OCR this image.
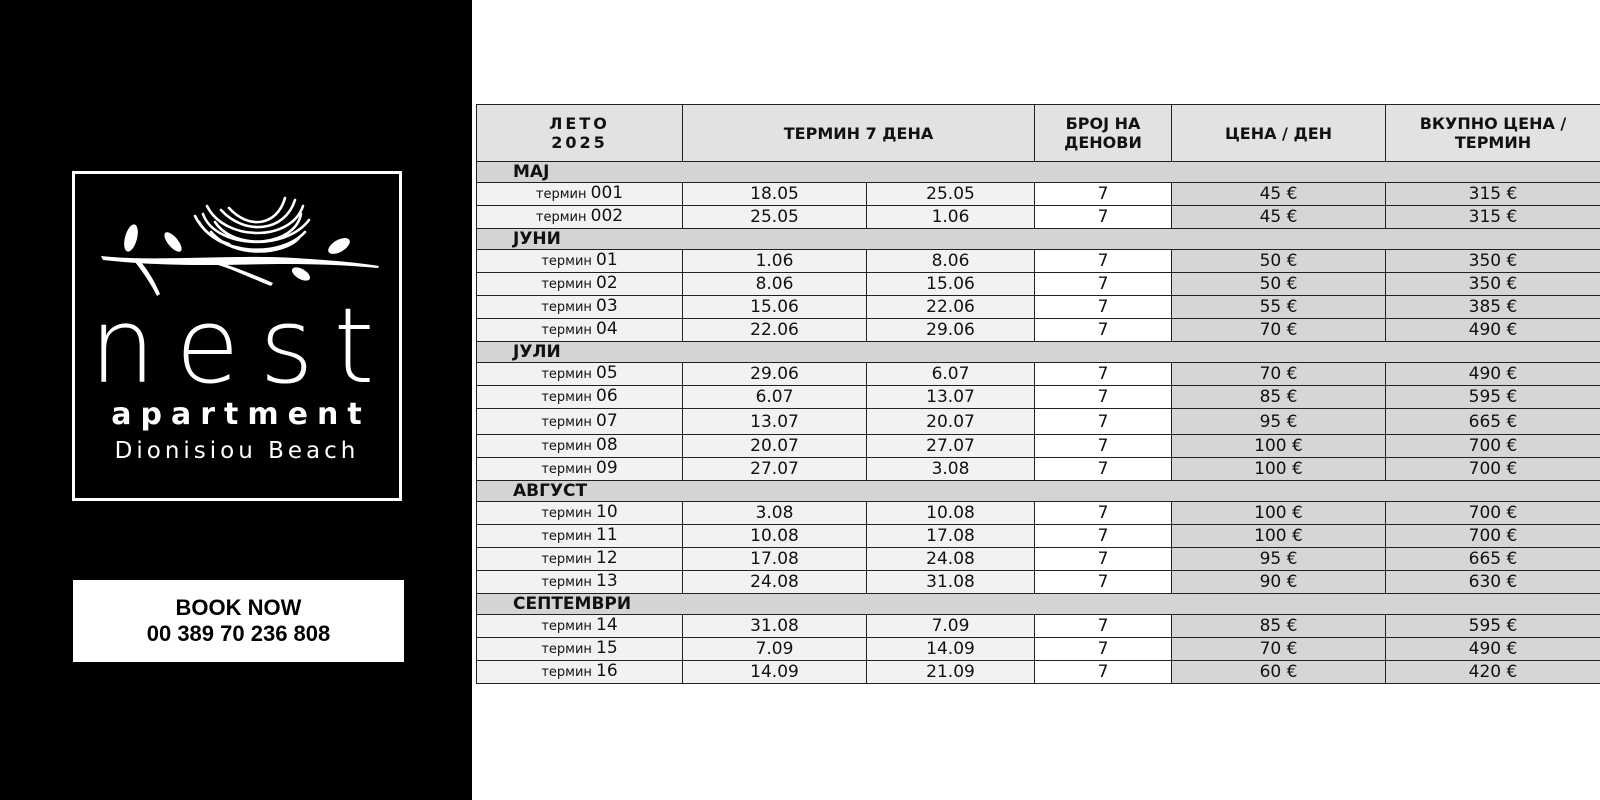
nest
apartment
Dionisiou Beach
BOOK NOW
00 389 70 236 808
ЛЕТО
2025	ТЕРМИН 7 ДЕНА		БРОЈ НА ДЕНОВИ	ЦЕНА / ДЕН	ВКУПНО ЦЕНА /ТЕРМИН
МАЈ					
термин 001	18.05	25.05	7	45 €	315 €
термин 002	25.05	1.06	7	45 €	315 €
ЈУНИ					
термин 01	1.06	8.06	7	50 €	350 €
термин 02	8.06	15.06	7	50 €	350 €
термин 03	15.06	22.06	7	55 €	385 €
термин 04	22.06	29.06	7	70 €	490 €
ЈУЛИ					
термин 05	29.06	6.07	7	70 €	490 €
термин 06	6.07	13.07	7	85 €	595 €
термин 07	13.07	20.07	7	95 €	665 €
термин 08	20.07	27.07	7	100 €	700 €
термин 09	27.07	3.08	7	100 €	700 €
АВГУСТ					
термин 10	3.08	10.08	7	100 €	700 €
термин 11	10.08	17.08	7	100 €	700 €
термин 12	17.08	24.08	7	95 €	665 €
термин 13	24.08	31.08	7	90 €	630 €
СЕПТЕМВРИ					
термин 14	31.08	7.09	7	85 €	595 €
термин 15	7.09	14.09	7	70 €	490 €
термин 16	14.09	21.09	7	60 €	420 €
